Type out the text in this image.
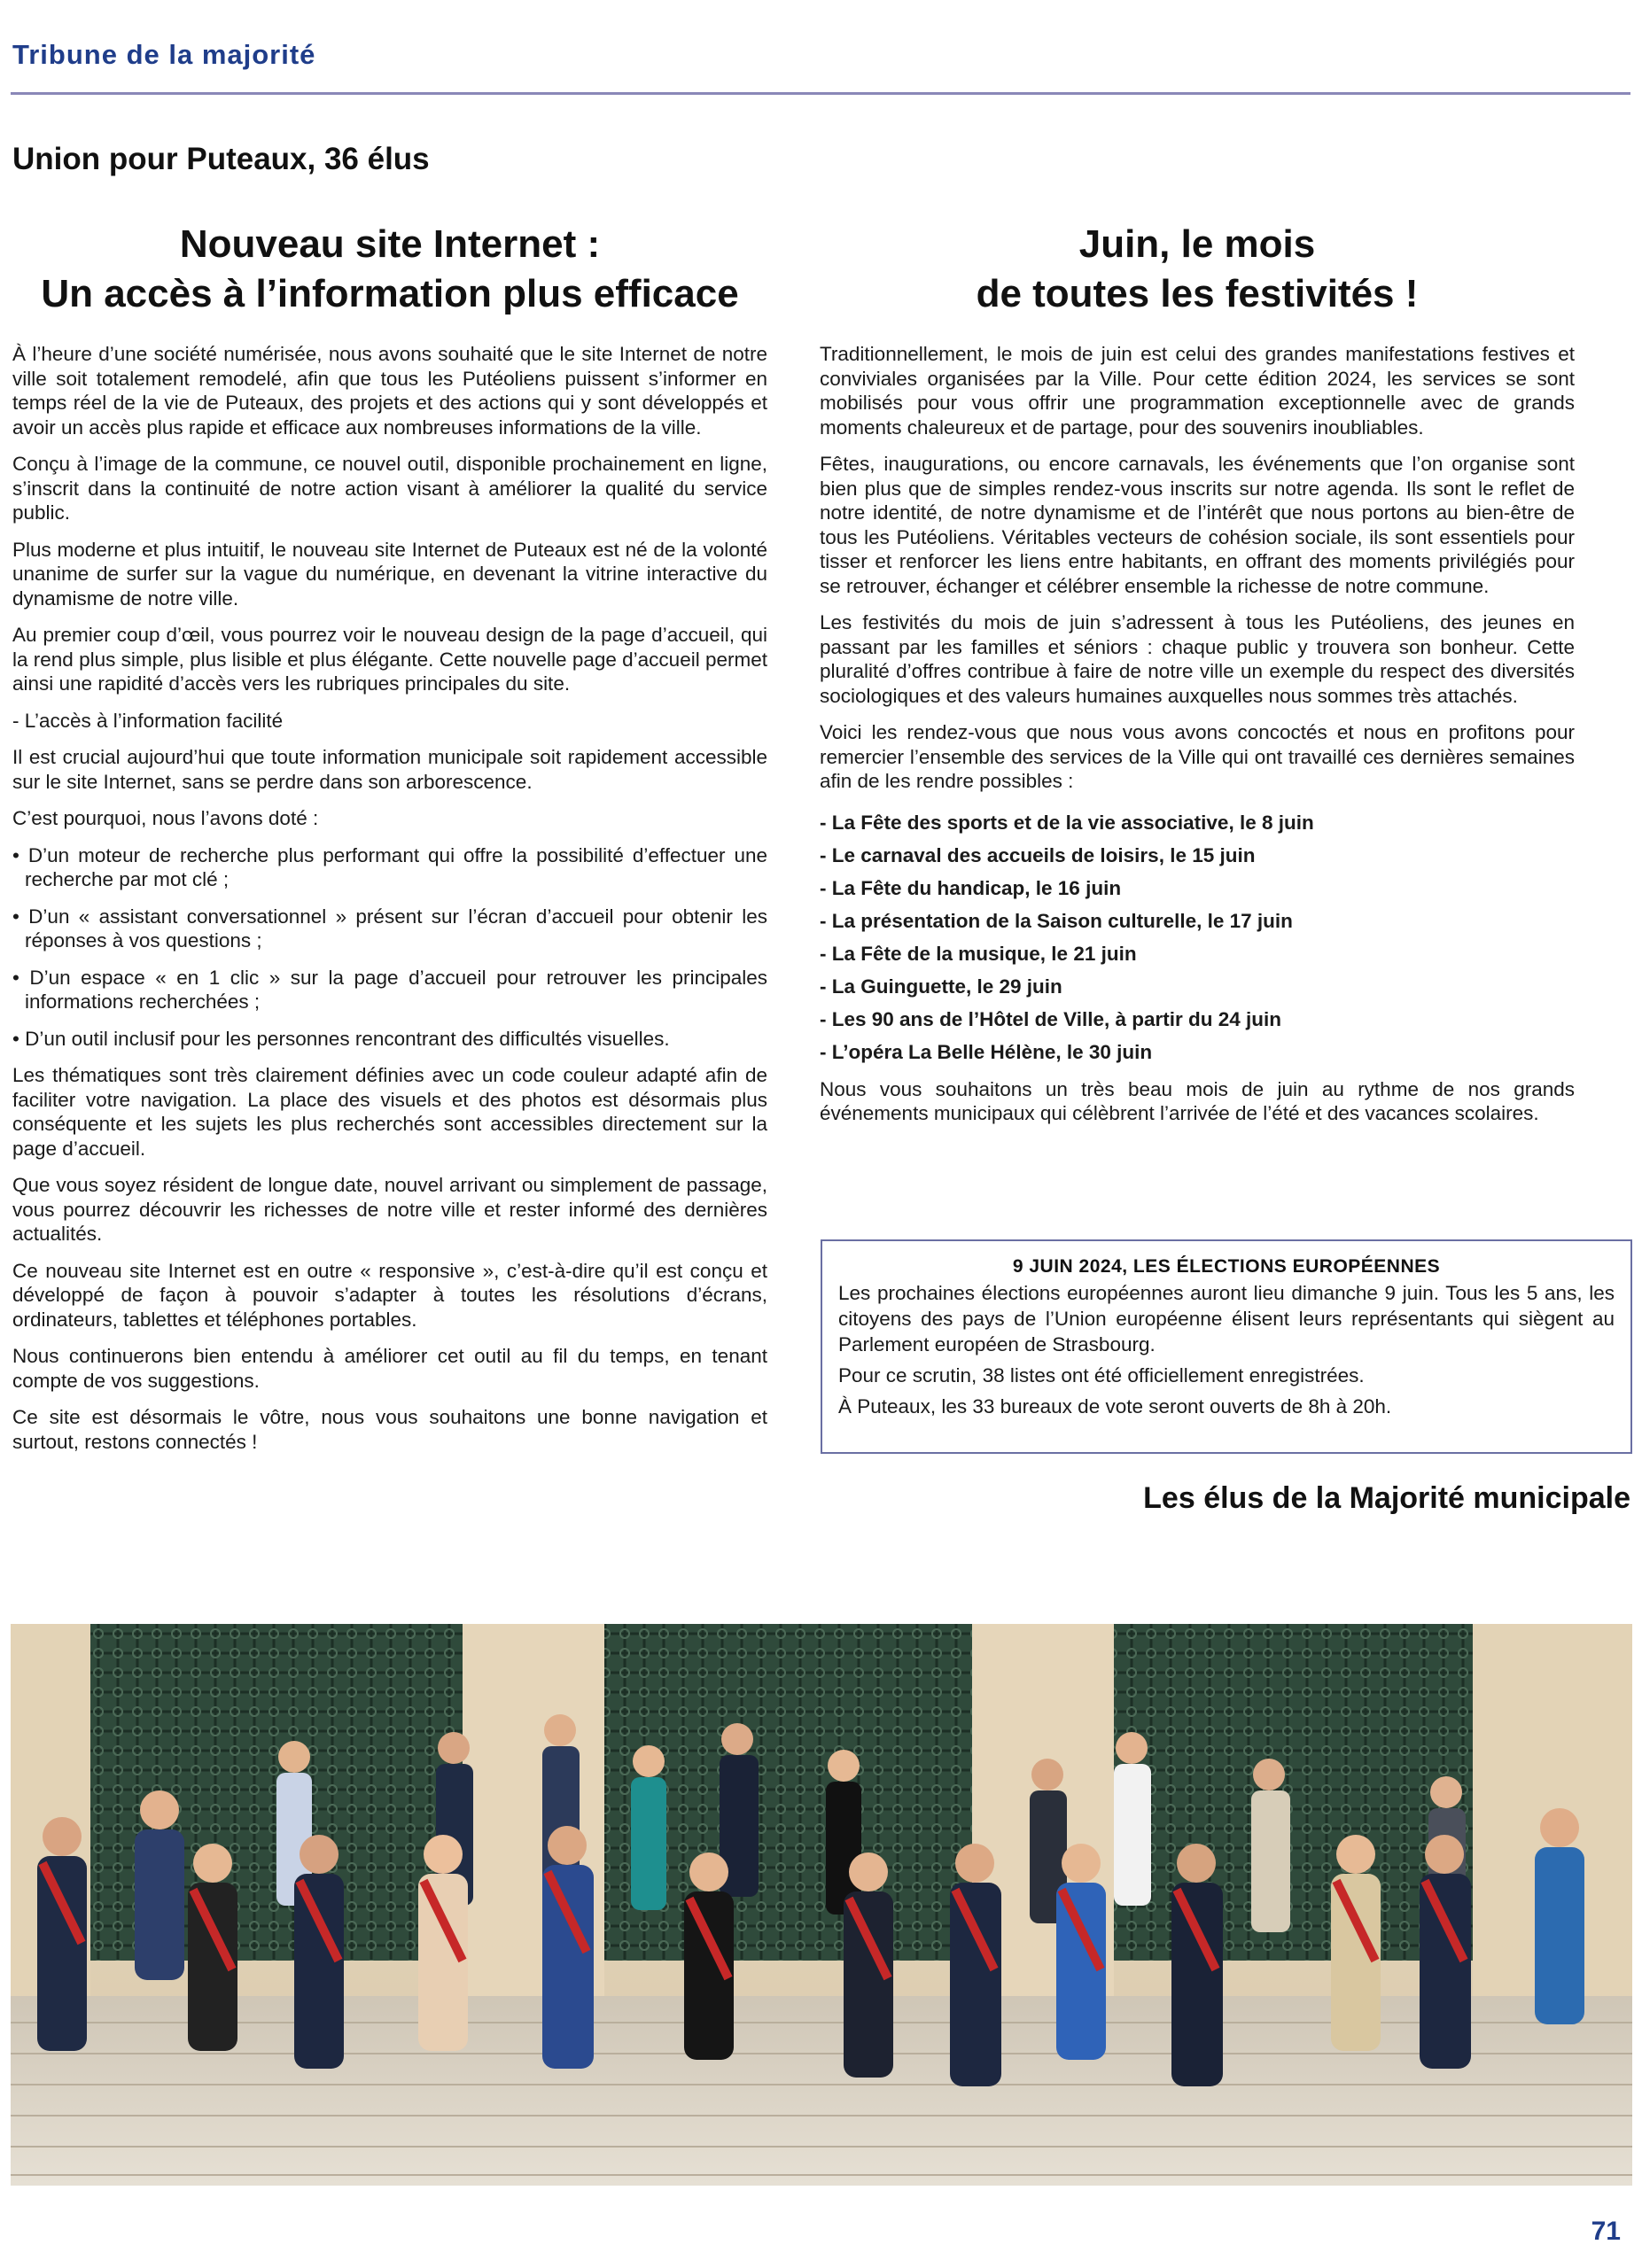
Tribune de la majorité
Union pour Puteaux, 36 élus
Nouveau site Internet :
Un accès à l’information plus efficace

À l’heure d’une société numérisée, nous avons souhaité que le site Internet de notre ville soit totalement remodelé, afin que tous les Putéoliens puissent s’informer en temps réel de la vie de Puteaux, des projets et des actions qui y sont développés et avoir un accès plus rapide et efficace aux nombreuses informations de la ville.

Conçu à l’image de la commune, ce nouvel outil, disponible prochainement en ligne, s’inscrit dans la continuité de notre action visant à améliorer la qualité du service public.

Plus moderne et plus intuitif, le nouveau site Internet de Puteaux est né de la volonté unanime de surfer sur la vague du numérique, en devenant la vitrine interactive du dynamisme de notre ville.

Au premier coup d’œil, vous pourrez voir le nouveau design de la page d’accueil, qui la rend plus simple, plus lisible et plus élégante. Cette nouvelle page d’accueil permet ainsi une rapidité d’accès vers les rubriques principales du site.

- L’accès à l’information facilité

Il est crucial aujourd’hui que toute information municipale soit rapidement accessible sur le site Internet, sans se perdre dans son arborescence.

C’est pourquoi, nous l’avons doté :

• D’un moteur de recherche plus performant qui offre la possibilité d’effectuer une recherche par mot clé ;

• D’un « assistant conversationnel » présent sur l’écran d’accueil pour obtenir les réponses à vos questions ;

• D’un espace « en 1 clic » sur la page d’accueil pour retrouver les principales informations recherchées ;

• D’un outil inclusif pour les personnes rencontrant des difficultés visuelles.

Les thématiques sont très clairement définies avec un code couleur adapté afin de faciliter votre navigation. La place des visuels et des photos est désormais plus conséquente et les sujets les plus recherchés sont accessibles directement sur la page d’accueil.

Que vous soyez résident de longue date, nouvel arrivant ou simplement de passage, vous pourrez découvrir les richesses de notre ville et rester informé des dernières actualités.

Ce nouveau site Internet est en outre « responsive », c’est-à-dire qu’il est conçu et développé de façon à pouvoir s’adapter à toutes les résolutions d’écrans, ordinateurs, tablettes et téléphones portables.

Nous continuerons bien entendu à améliorer cet outil au fil du temps, en tenant compte de vos suggestions.

Ce site est désormais le vôtre, nous vous souhaitons une bonne navigation et surtout, restons connectés !

Juin, le mois
de toutes les festivités !

Traditionnellement, le mois de juin est celui des grandes manifestations festives et conviviales organisées par la Ville. Pour cette édition 2024, les services se sont mobilisés pour vous offrir une programmation exceptionnelle avec de grands moments chaleureux et de partage, pour des souvenirs inoubliables.

Fêtes, inaugurations, ou encore carnavals, les événements que l’on organise sont bien plus que de simples rendez-vous inscrits sur notre agenda. Ils sont le reflet de notre identité, de notre dynamisme et de l’intérêt que nous portons au bien-être de tous les Putéoliens. Véritables vecteurs de cohésion sociale, ils sont essentiels pour tisser et renforcer les liens entre habitants, en offrant des moments privilégiés pour se retrouver, échanger et célébrer ensemble la richesse de notre commune.

Les festivités du mois de juin s’adressent à tous les Putéoliens, des jeunes en passant par les familles et séniors : chaque public y trouvera son bonheur. Cette pluralité d’offres contribue à faire de notre ville un exemple du respect des diversités sociologiques et des valeurs humaines auxquelles nous sommes très attachés.

Voici les rendez-vous que nous vous avons concoctés et nous en profitons pour remercier l’ensemble des services de la Ville qui ont travaillé ces dernières semaines afin de les rendre possibles :

- La Fête des sports et de la vie associative, le 8 juin
- Le carnaval des accueils de loisirs, le 15 juin
- La Fête du handicap, le 16 juin
- La présentation de la Saison culturelle, le 17 juin
- La Fête de la musique, le 21 juin
- La Guinguette, le 29 juin
- Les 90 ans de l’Hôtel de Ville, à partir du 24 juin
- L’opéra La Belle Hélène, le 30 juin

Nous vous souhaitons un très beau mois de juin au rythme de nos grands événements municipaux qui célèbrent l’arrivée de l’été et des vacances scolaires.

9 JUIN 2024, LES ÉLECTIONS EUROPÉENNES

Les prochaines élections européennes auront lieu dimanche 9 juin. Tous les 5 ans, les citoyens des pays de l’Union européenne élisent leurs représentants qui siègent au Parlement européen de Strasbourg.

Pour ce scrutin, 38 listes ont été officiellement enregistrées.

À Puteaux, les 33 bureaux de vote seront ouverts de 8h à 20h.

Les élus de la Majorité municipale
71
